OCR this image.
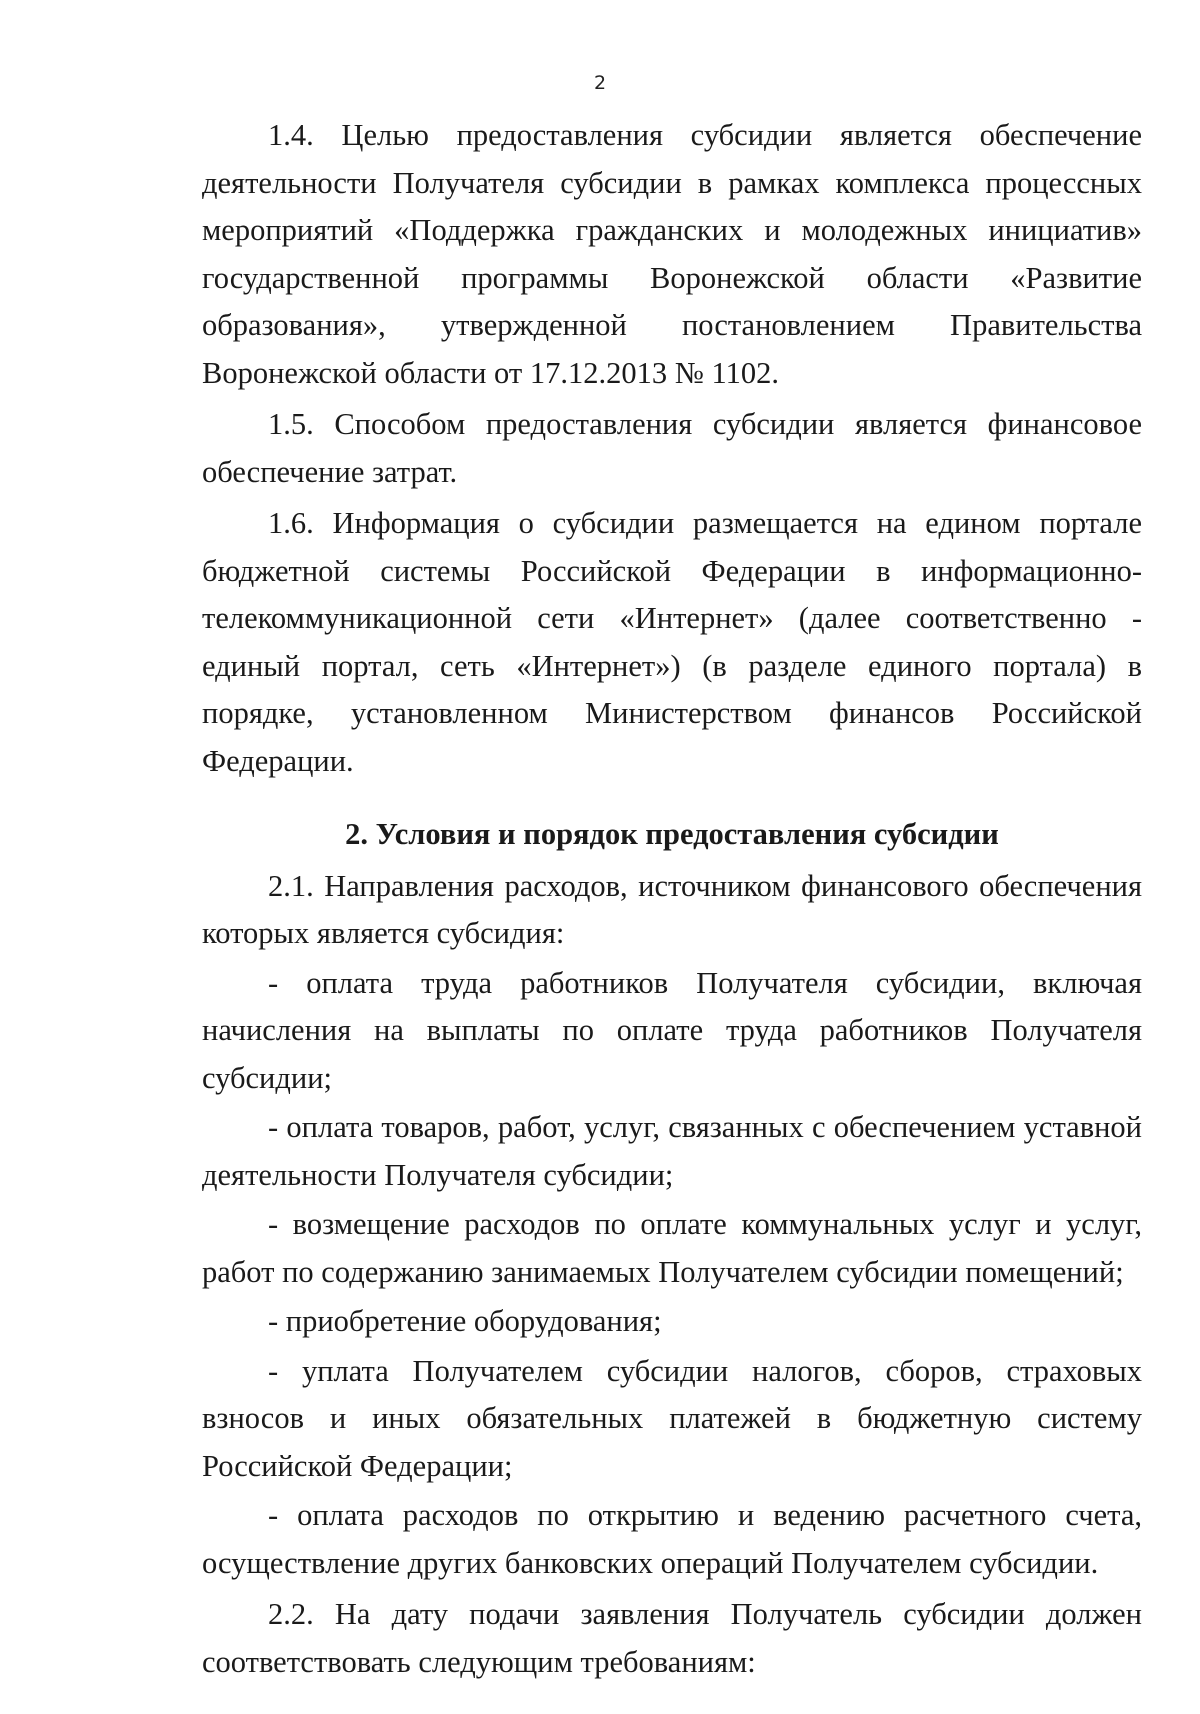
2

1.4. Целью предоставления субсидии является обеспечение деятельности Получателя субсидии в рамках комплекса процессных мероприятий «Поддержка гражданских и молодежных инициатив» государственной программы Воронежской области «Развитие образования», утвержденной постановлением Правительства Воронежской области от 17.12.2013 № 1102.

1.5. Способом предоставления субсидии является финансовое обеспечение затрат.

1.6. Информация о субсидии размещается на едином портале бюджетной системы Российской Федерации в информационно-телекоммуникационной сети «Интернет» (далее соответственно - единый портал, сеть «Интернет») (в разделе единого портала) в порядке, установленном Министерством финансов Российской Федерации.

2. Условия и порядок предоставления субсидии

2.1. Направления расходов, источником финансового обеспечения которых является субсидия:

- оплата труда работников Получателя субсидии, включая начисления на выплаты по оплате труда работников Получателя субсидии;

- оплата товаров, работ, услуг, связанных с обеспечением уставной деятельности Получателя субсидии;

- возмещение расходов по оплате коммунальных услуг и услуг, работ по содержанию занимаемых Получателем субсидии помещений;

- приобретение оборудования;

- уплата Получателем субсидии налогов, сборов, страховых взносов и иных обязательных платежей в бюджетную систему Российской Федерации;

- оплата расходов по открытию и ведению расчетного счета, осуществление других банковских операций Получателем субсидии.

2.2. На дату подачи заявления Получатель субсидии должен соответствовать следующим требованиям:
